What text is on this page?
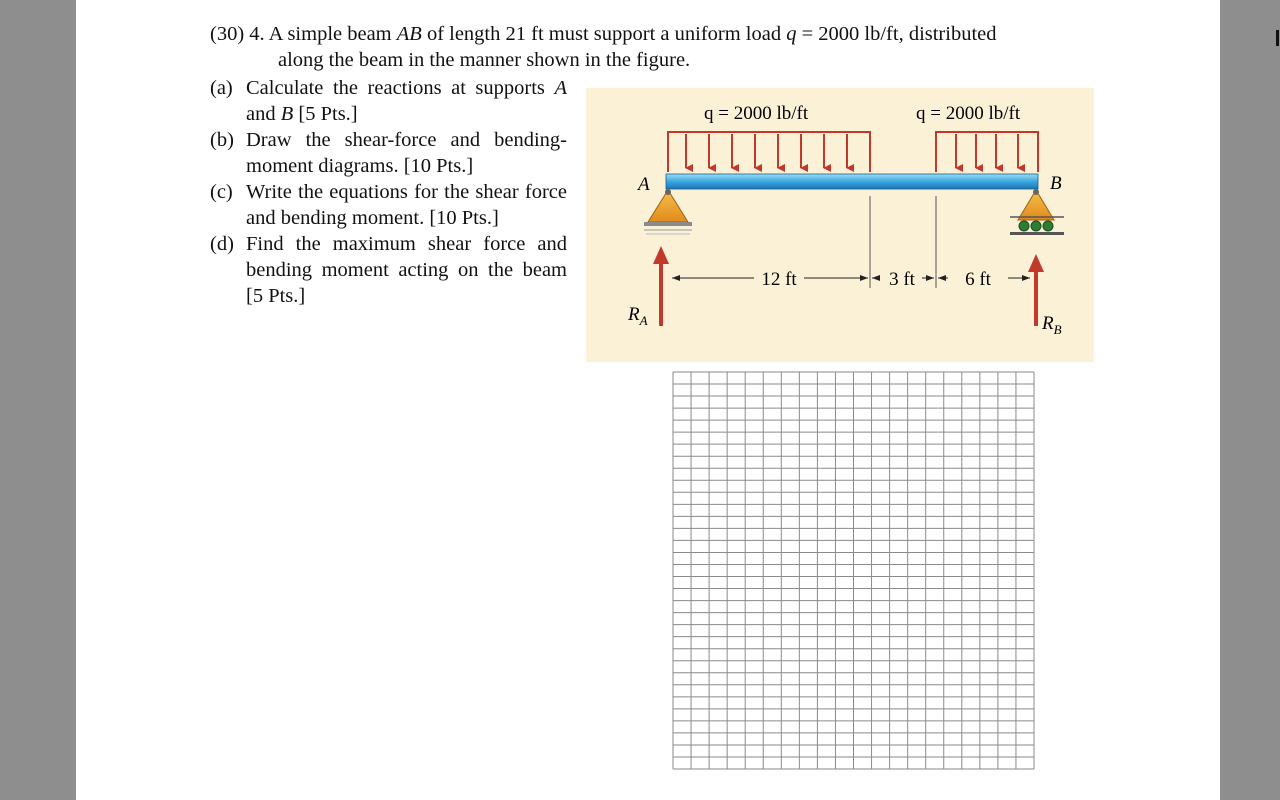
(30) 4. A simple beam AB of length 21 ft must support a uniform load q = 2000 lb/ft, distributed
along the beam in the manner shown in the figure.
(a) Calculate the reactions at supports A and B [5 Pts.]
(b) Draw the shear-force and bending-moment diagrams. [10 Pts.]
(c) Write the equations for the shear force and bending moment. [10 Pts.]
(d) Find the maximum shear force and bending moment acting on the beam [5 Pts.]
q = 2000 lb/ft	q = 2000 lb/ft
A	B
$R_A$	$R_B$
12 ft	3 ft	6 ft
